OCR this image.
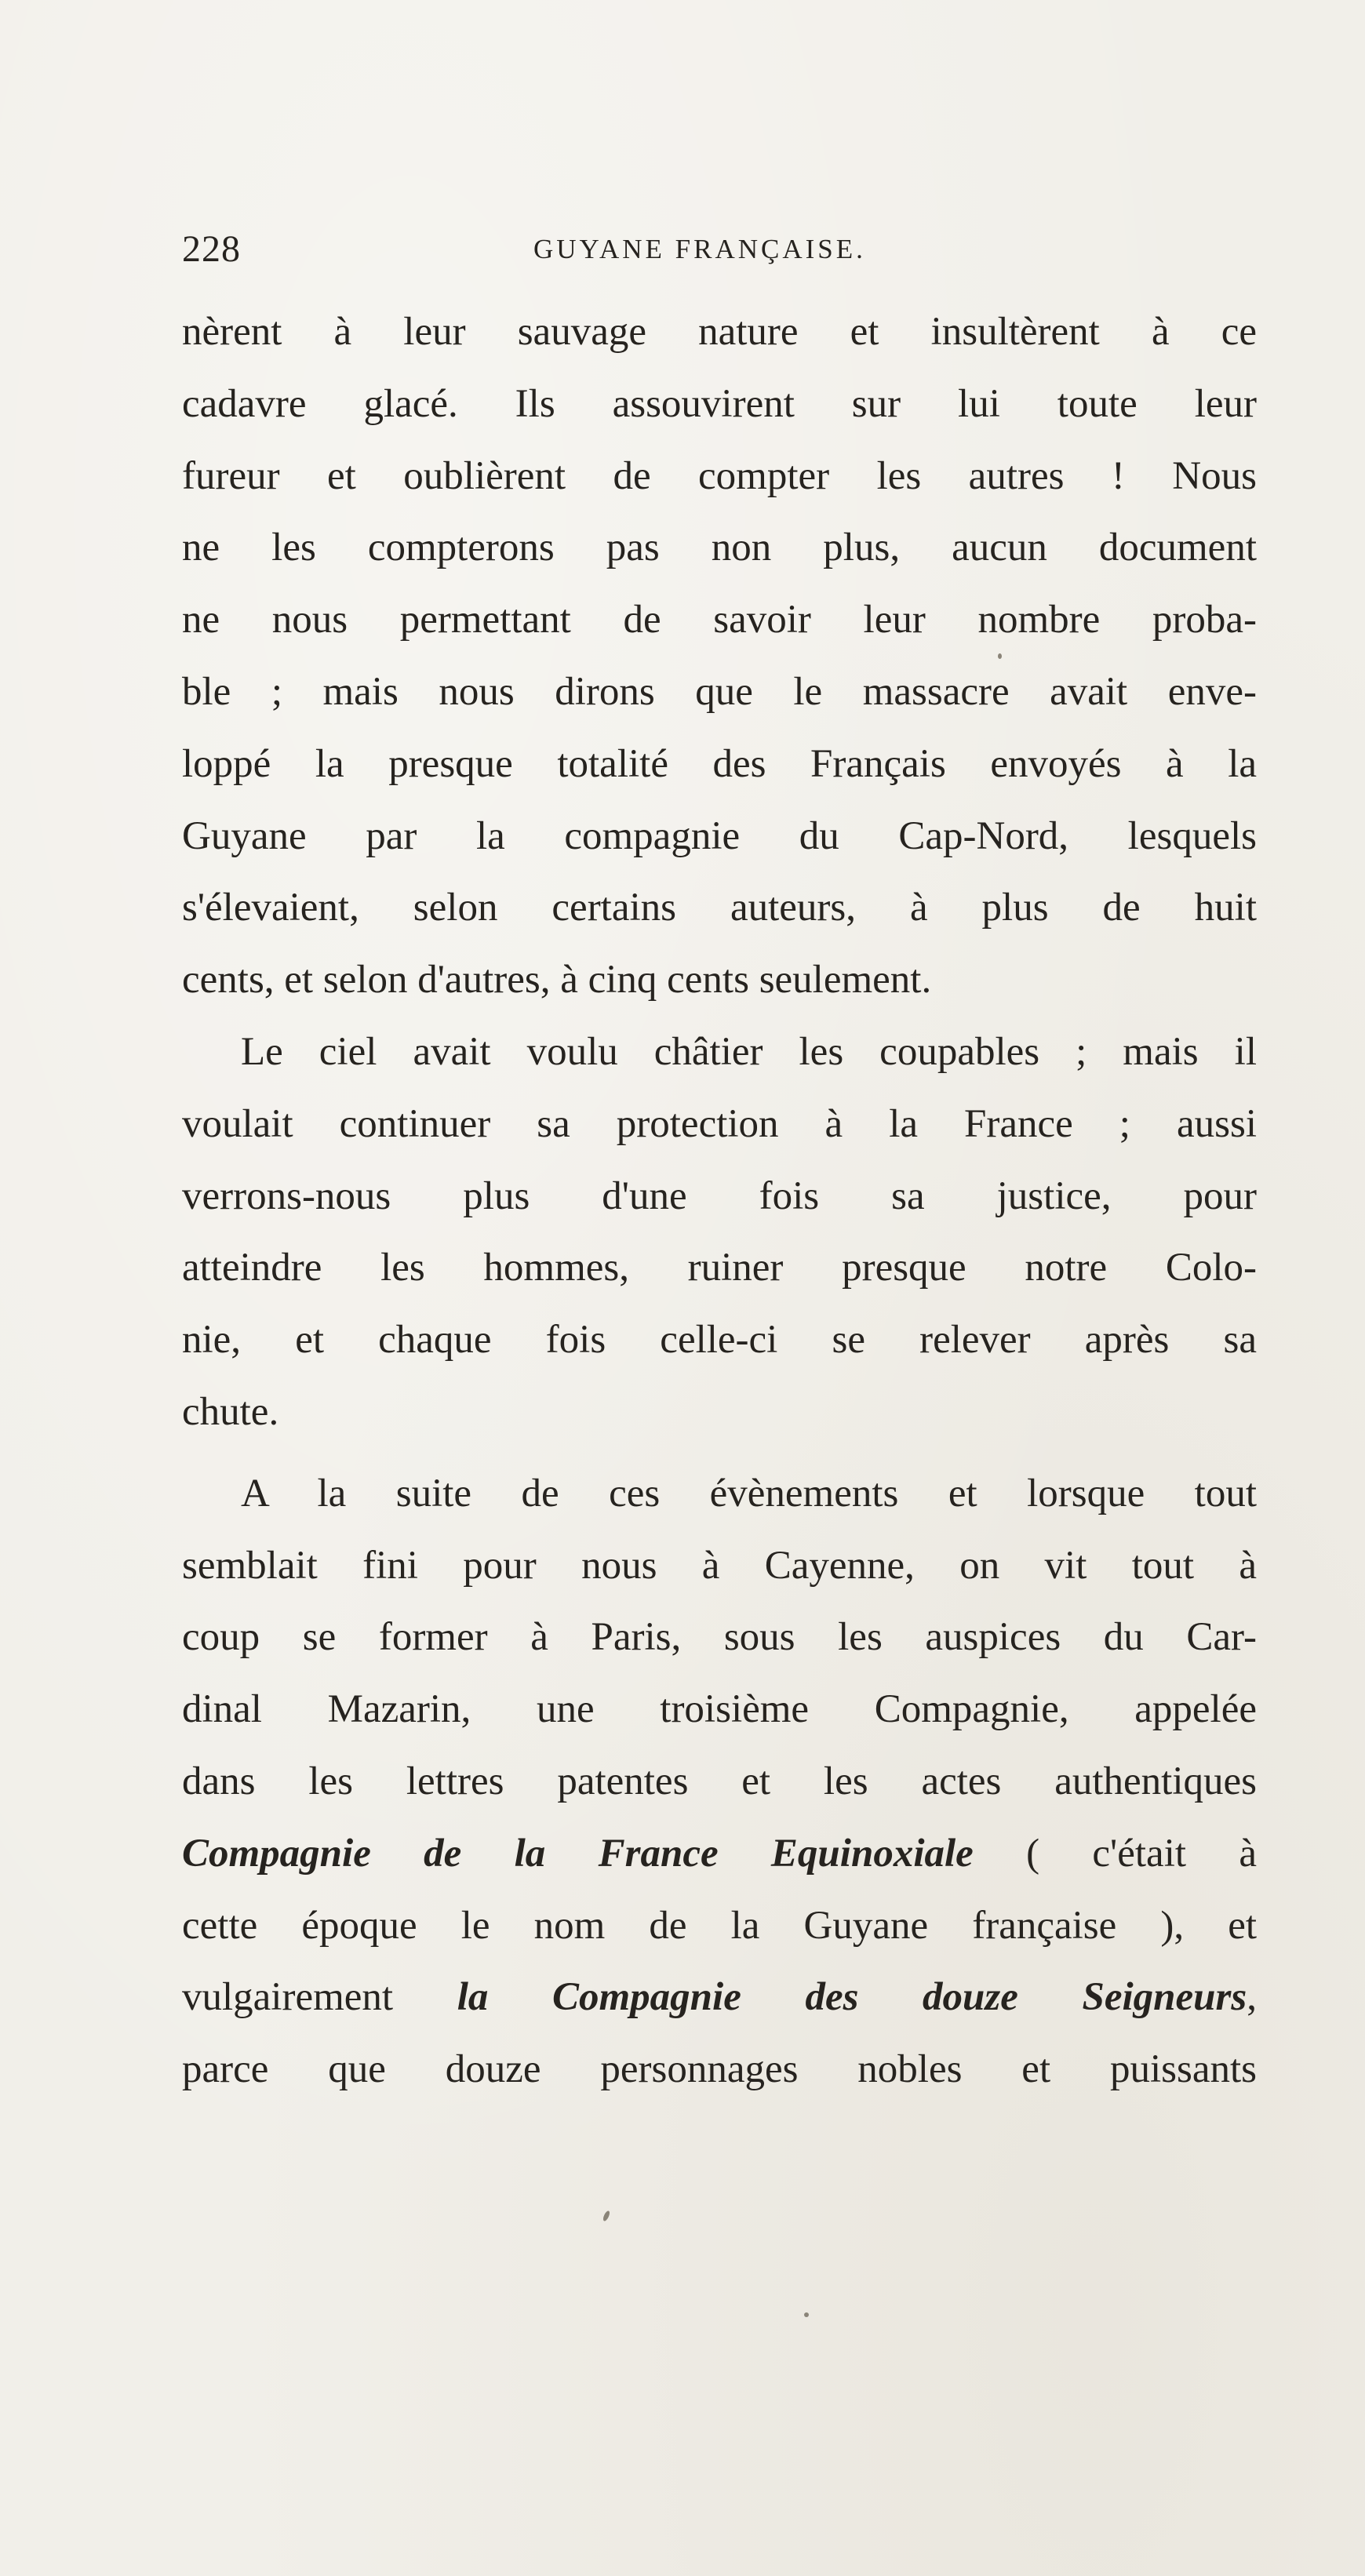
228	GUYANE FRANÇAISE.
nèrent à leur sauvage nature et insultèrent à ce
cadavre glacé. Ils assouvirent sur lui toute leur
fureur et oublièrent de compter les autres ! Nous
ne les compterons pas non plus, aucun document
ne nous permettant de savoir leur nombre proba-
ble ; mais nous dirons que le massacre avait enve-
loppé la presque totalité des Français envoyés à la
Guyane par la compagnie du Cap-Nord, lesquels
s'élevaient, selon certains auteurs, à plus de huit
cents, et selon d'autres, à cinq cents seulement.
Le ciel avait voulu châtier les coupables ; mais il
voulait continuer sa protection à la France ; aussi
verrons-nous plus d'une fois sa justice, pour
atteindre les hommes, ruiner presque notre Colo-
nie, et chaque fois celle-ci se relever après sa
chute.
A la suite de ces évènements et lorsque tout
semblait fini pour nous à Cayenne, on vit tout à
coup se former à Paris, sous les auspices du Car-
dinal Mazarin, une troisième Compagnie, appelée
dans les lettres patentes et les actes authentiques
Compagnie de la France Equinoxiale ( c'était à
cette époque le nom de la Guyane française ), et
vulgairement la Compagnie des douze Seigneurs,
parce que douze personnages nobles et puissants
